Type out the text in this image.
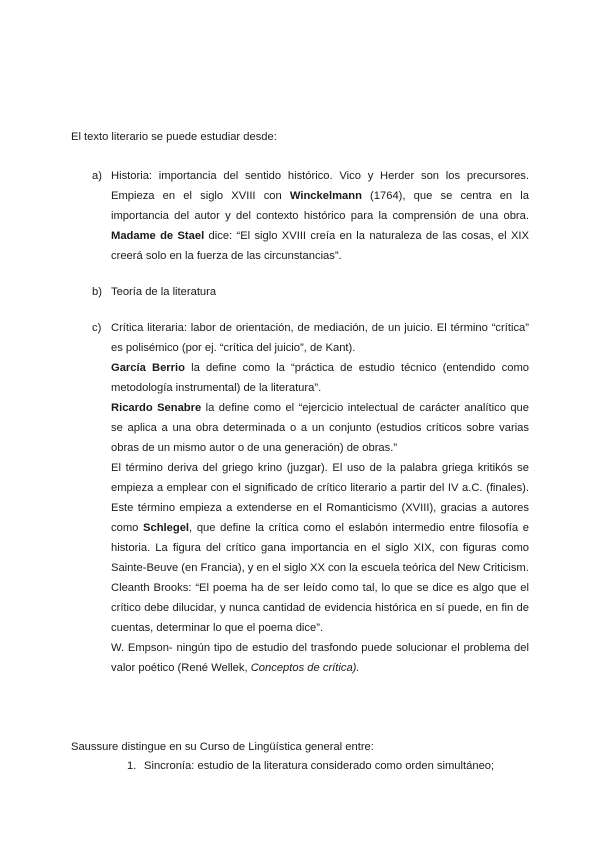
El texto literario se puede estudiar desde:

a) Historia: importancia del sentido histórico. Vico y Herder son los precursores. Empieza en el siglo XVIII con Winckelmann (1764), que se centra en la importancia del autor y del contexto histórico para la comprensión de una obra. Madame de Stael dice: “El siglo XVIII creía en la naturaleza de las cosas, el XIX creerá solo en la fuerza de las circunstancias”.

b) Teoría de la literatura

c) Crítica literaria: labor de orientación, de mediación, de un juicio. El término “crítica” es polisémico (por ej. “crítica del juicio”, de Kant).

García Berrio la define como la “práctica de estudio técnico (entendido como metodología instrumental) de la literatura”.

Ricardo Senabre la define como el “ejercicio intelectual de carácter analítico que se aplica a una obra determinada o a un conjunto (estudios críticos sobre varias obras de un mismo autor o de una generación) de obras.”

El término deriva del griego krino (juzgar). El uso de la palabra griega kritikós se empieza a emplear con el significado de crítico literario a partir del IV a.C. (finales). Este término empieza a extenderse en el Romanticismo (XVIII), gracias a autores como Schlegel, que define la crítica como el eslabón intermedio entre filosofía e historia. La figura del crítico gana importancia en el siglo XIX, con figuras como Sainte-Beuve (en Francia), y en el siglo XX con la escuela teórica del New Criticism.

Cleanth Brooks: “El poema ha de ser leído como tal, lo que se dice es algo que el crítico debe dilucidar, y nunca cantidad de evidencia histórica en sí puede, en fin de cuentas, determinar lo que el poema dice”.

W. Empson- ningún tipo de estudio del trasfondo puede solucionar el problema del valor poético (René Wellek, Conceptos de crítica).

Saussure distingue en su Curso de Lingüística general entre:

1. Sincronía: estudio de la literatura considerado como orden simultáneo;
